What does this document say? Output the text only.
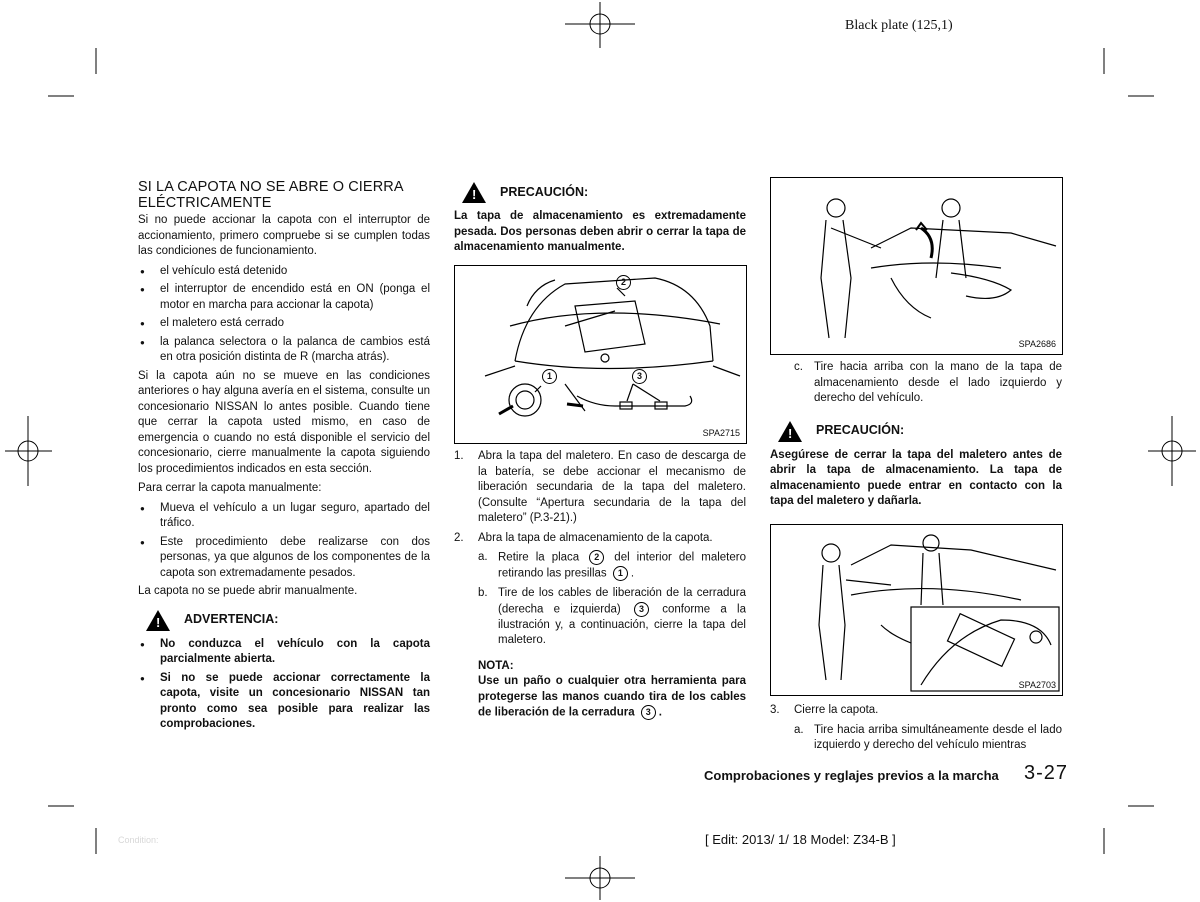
Black plate (125,1)
SI LA CAPOTA NO SE ABRE O CIERRA ELÉCTRICAMENTE

Si no puede accionar la capota con el interruptor de accionamiento, primero compruebe si se cumplen todas las condiciones de funcionamiento.

● el vehículo está detenido
● el interruptor de encendido está en ON (ponga el motor en marcha para accionar la capota)
● el maletero está cerrado
● la palanca selectora o la palanca de cambios está en otra posición distinta de R (marcha atrás).

Si la capota aún no se mueve en las condiciones anteriores o hay alguna avería en el sistema, consulte un concesionario NISSAN lo antes posible. Cuando tiene que cerrar la capota usted mismo, en caso de emergencia o cuando no está disponible el servicio del concesionario, cierre manualmente la capota siguiendo los procedimientos indicados en esta sección.

Para cerrar la capota manualmente:

● Mueva el vehículo a un lugar seguro, apartado del tráfico.
● Este procedimiento debe realizarse con dos personas, ya que algunos de los componentes de la capota son extremadamente pesados.

La capota no se puede abrir manualmente.

! ADVERTENCIA:
● No conduzca el vehículo con la capota parcialmente abierta.
● Si no se puede accionar correctamente la capota, visite un concesionario NISSAN tan pronto como sea posible para realizar las comprobaciones.
! PRECAUCIÓN:

La tapa de almacenamiento es extremadamente pesada. Dos personas deben abrir o cerrar la tapa de almacenamiento manualmente.

2
1	3
SPA2715
1. Abra la tapa del maletero. En caso de descarga de la batería, se debe accionar el mecanismo de liberación secundaria de la tapa del maletero. (Consulte “Apertura secundaria de la tapa del maletero” (P.3-21).)
2. Abra la tapa de almacenamiento de la capota.
a. Retire la placa 2 del interior del maletero retirando las presillas 1 .
b. Tire de los cables de liberación de la cerradura (derecha e izquierda) 3 conforme a la ilustración y, a continuación, cierre la tapa del maletero.
NOTA:

Use un paño o cualquier otra herramienta para protegerse las manos cuando tira de los cables de liberación de la cerradura 3 .

SPA2686
c. Tire hacia arriba con la mano de la tapa de almacenamiento desde el lado izquierdo y derecho del vehículo.
! PRECAUCIÓN:

Asegúrese de cerrar la tapa del maletero antes de abrir la tapa de almacenamiento. La tapa de almacenamiento puede entrar en contacto con la tapa del maletero y dañarla.

SPA2703
3. Cierre la capota.
a. Tire hacia arriba simultáneamente desde el lado izquierdo y derecho del vehículo mientras
Comprobaciones y reglajes previos a la marcha 3-27
Condition:	[ Edit: 2013/ 1/ 18 Model: Z34-B ]
